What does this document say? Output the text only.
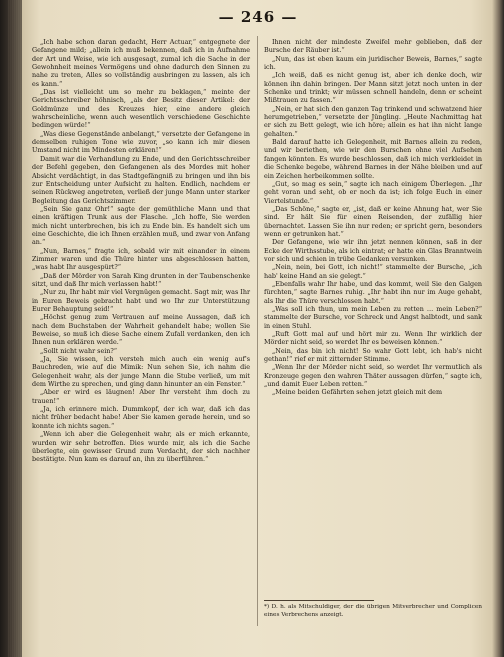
— 246 —

„Ich habe schon daran gedacht, Herr Actuar,“ entgegnete der Gefangene mild; „allein ich muß bekennen, daß ich in Aufnahme der Art und Weise, wie ich ausgesagt, zumal ich die Sache in der Gewohnheit meines Vermögens und ohne dadurch den Sinnen zu nahe zu treten, Alles so vollständig ausbringen zu lassen, als ich es kann.“

„Das ist vielleicht um so mehr zu beklagen,“ meinte der Gerichtsschreiber höhnisch, „als der Besitz dieser Artikel: der Goldmünze und des Kreuzes hier, eine andere gleich wahrscheinliche, wenn auch wesentlich verschiedene Geschichte bedingen würde!“

„Was diese Gegenstände anbelangt,“ versetzte der Gefangene in demselben ruhigen Tone wie zuvor, „so kann ich mir diesen Umstand nicht im Mindesten erklären!“

Damit war die Verhandlung zu Ende, und den Gerichtsschreiber der Befehl gegeben, den Gefangenen als des Mordes mit hoher Absicht verdächtigt, in das Stadtgefängniß zu bringen und ihn bis zur Entscheidung unter Aufsicht zu halten. Endlich, nachdem er seinen Rückweg angetreten, verließ der junge Mann unter starker Begleitung das Gerichtszimmer.

„Sein Sie ganz Ohr!“ sagte der gemüthliche Mann und that einen kräftigen Trunk aus der Flasche. „Ich hoffe, Sie werden mich nicht unterbrechen, bis ich zu Ende bin. Es handelt sich um eine Geschichte, die ich Ihnen erzählen muß, und zwar von Anfang an.“

„Nun, Barnes,“ fragte ich, sobald wir mit einander in einem Zimmer waren und die Thüre hinter uns abgeschlossen hatten, „was habt Ihr ausgespürt?“

„Daß der Mörder von Sarah King drunten in der Taubenschenke sitzt, und daß Ihr mich verlassen habt!“

„Nur zu, Ihr habt mir viel Vergnügen gemacht. Sagt mir, was Ihr in Euren Beweis gebracht habt und wo Ihr zur Unterstützung Eurer Behauptung seid!“

„Höchst genug zum Vertrauen auf meine Aussagen, daß ich nach dem Buchstaben der Wahrheit gehandelt habe; wollen Sie Beweise, so muß ich diese Sache einem Zufall verdanken, den ich Ihnen nun erklären werde.“

„Sollt nicht wahr sein?“

„Ja, Sie wissen, ich versteh mich auch ein wenig auf's Bauchreden, wie auf die Mimik: Nun sehen Sie, ich nahm die Gelegenheit wahr, als der junge Mann die Stube verließ, um mit dem Wirthe zu sprechen, und ging dann hinunter an ein Fenster.“

„Aber er wird es läugnen! Aber Ihr versteht ihm doch zu trauen!“

„Ja, ich erinnere mich. Dummkopf, der ich war, daß ich das nicht früher bedacht habe! Aber Sie kamen gerade herein, und so konnte ich nichts sagen.“

„Wenn ich aber die Gelegenheit wahr, als er mich erkannte, wurden wir sehr betroffen. Dies wurde mir, als ich die Sache überlegte, ein gewisser Grund zum Verdacht, der sich nachher bestätigte. Nun kam es darauf an, ihn zu überführen.“

Ihnen nicht der mindeste Zweifel mehr geblieben, daß der Bursche der Räuber ist.“

„Nun, das ist eben kaum ein juridischer Beweis, Barnes,“ sagte ich.

„Ich weiß, daß es nicht genug ist, aber ich denke doch, wir können ihn dahin bringen. Der Mann sitzt jetzt noch unten in der Schenke und trinkt; wir müssen schnell handeln, denn er scheint Mißtrauen zu fassen.“

„Nein, er hat sich den ganzen Tag trinkend und schwatzend hier herumgetrieben,“ versetzte der Jüngling. „Heute Nachmittag hat er sich zu Bett gelegt, wie ich höre; allein es hat ihn nicht lange gehalten.“

Bald darauf hatte ich Gelegenheit, mit Barnes allein zu reden, und wir beriethen, wie wir den Burschen ohne viel Aufsehen fangen könnten. Es wurde beschlossen, daß ich mich verkleidet in die Schenke begebe, während Barnes in der Nähe bleiben und auf ein Zeichen herbeikommen sollte.

„Gut, so mag es sein,“ sagte ich nach einigem Überlegen. „Ihr geht voran und seht, ob er noch da ist; ich folge Euch in einer Viertelstunde.“

„Das Schöne,“ sagte er, „ist, daß er keine Ahnung hat, wer Sie sind. Er hält Sie für einen Reisenden, der zufällig hier übernachtet. Lassen Sie ihn nur reden; er spricht gern, besonders wenn er getrunken hat.“

Der Gefangene, wie wir ihn jetzt nennen können, saß in der Ecke der Wirthsstube, als ich eintrat; er hatte ein Glas Branntwein vor sich und schien in trübe Gedanken versunken.

„Nein, nein, bei Gott, ich nicht!“ stammelte der Bursche, „ich hab' keine Hand an sie gelegt.“

„Ebenfalls wahr Ihr habe, und das kommt, weil Sie den Galgen fürchten,“ sagte Barnes ruhig. „Ihr habt ihn nur im Auge gehabt, als Ihr die Thüre verschlossen habt.“

„Was soll ich thun, um mein Leben zu retten … mein Leben?“ stammelte der Bursche, vor Schreck und Angst halbtodt, und sank in einen Stuhl.

„Ruft Gott mal auf und hört mir zu. Wenn Ihr wirklich der Mörder nicht seid, so werdet Ihr es beweisen können.“

„Nein, das bin ich nicht! So wahr Gott lebt, ich hab's nicht gethan!“ rief er mit zitternder Stimme.

„Wenn Ihr der Mörder nicht seid, so werdet Ihr vermutlich als Kronzeuge gegen den wahren Thäter aussagen dürfen,“ sagte ich, „und damit Euer Leben retten.“

„Meine beiden Gefährten sehen jetzt gleich mit dem

*) D. h. als Mitschuldiger, der die übrigen Mitverbrecher und Complicen eines Verbrechens anzeigt.
